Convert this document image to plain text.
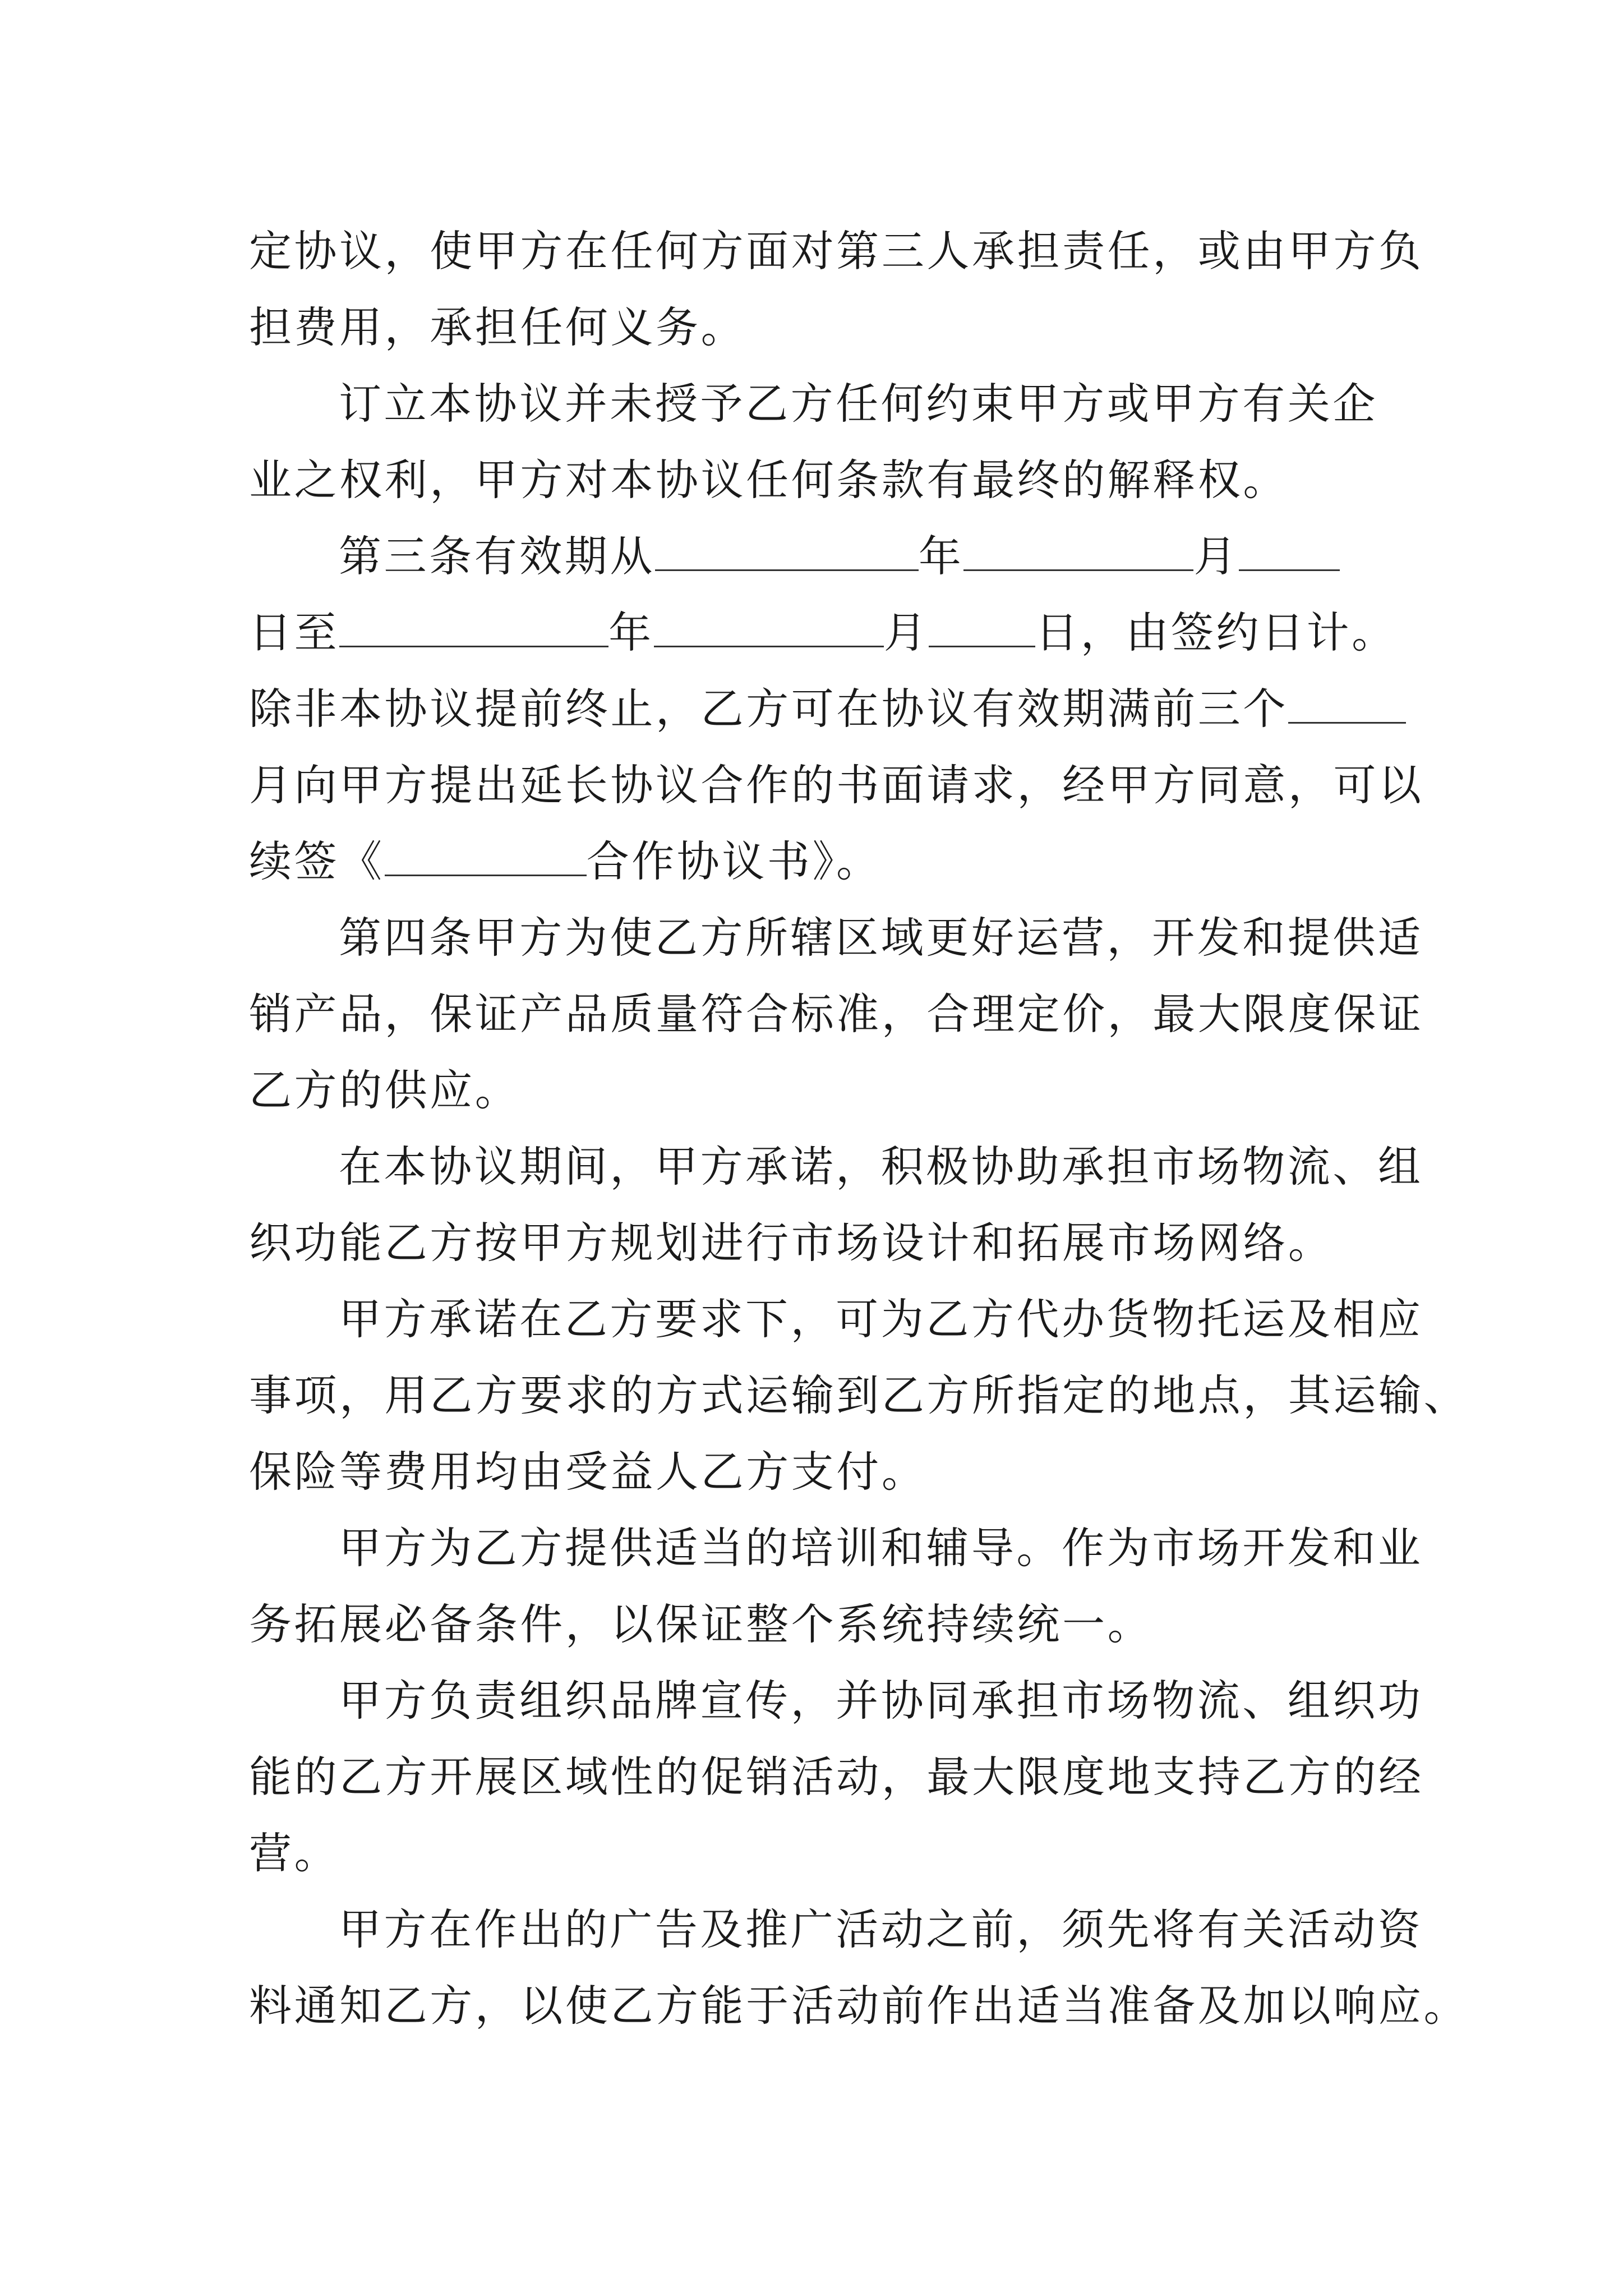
定协议，使甲方在任何方面对第三人承担责任，或由甲方负
担费用，承担任何义务。
订立本协议并未授予乙方任何约束甲方或甲方有关企
业之权利，甲方对本协议任何条款有最终的解释权。
第三条有效期从	年	月
日至	年	月	日，由签约日计。
除非本协议提前终止，乙方可在协议有效期满前三个
月向甲方提出延长协议合作的书面请求，经甲方同意，可以
续签《	合作协议书》。
第四条甲方为使乙方所辖区域更好运营，开发和提供适
销产品，保证产品质量符合标准，合理定价，最大限度保证
乙方的供应。
在本协议期间，甲方承诺，积极协助承担市场物流、组
织功能乙方按甲方规划进行市场设计和拓展市场网络。
甲方承诺在乙方要求下，可为乙方代办货物托运及相应
事项，用乙方要求的方式运输到乙方所指定的地点，其运输、
保险等费用均由受益人乙方支付。
甲方为乙方提供适当的培训和辅导。作为市场开发和业
务拓展必备条件，以保证整个系统持续统一。
甲方负责组织品牌宣传，并协同承担市场物流、组织功
能的乙方开展区域性的促销活动，最大限度地支持乙方的经
营。
甲方在作出的广告及推广活动之前，须先将有关活动资
料通知乙方，以使乙方能于活动前作出适当准备及加以响应。
